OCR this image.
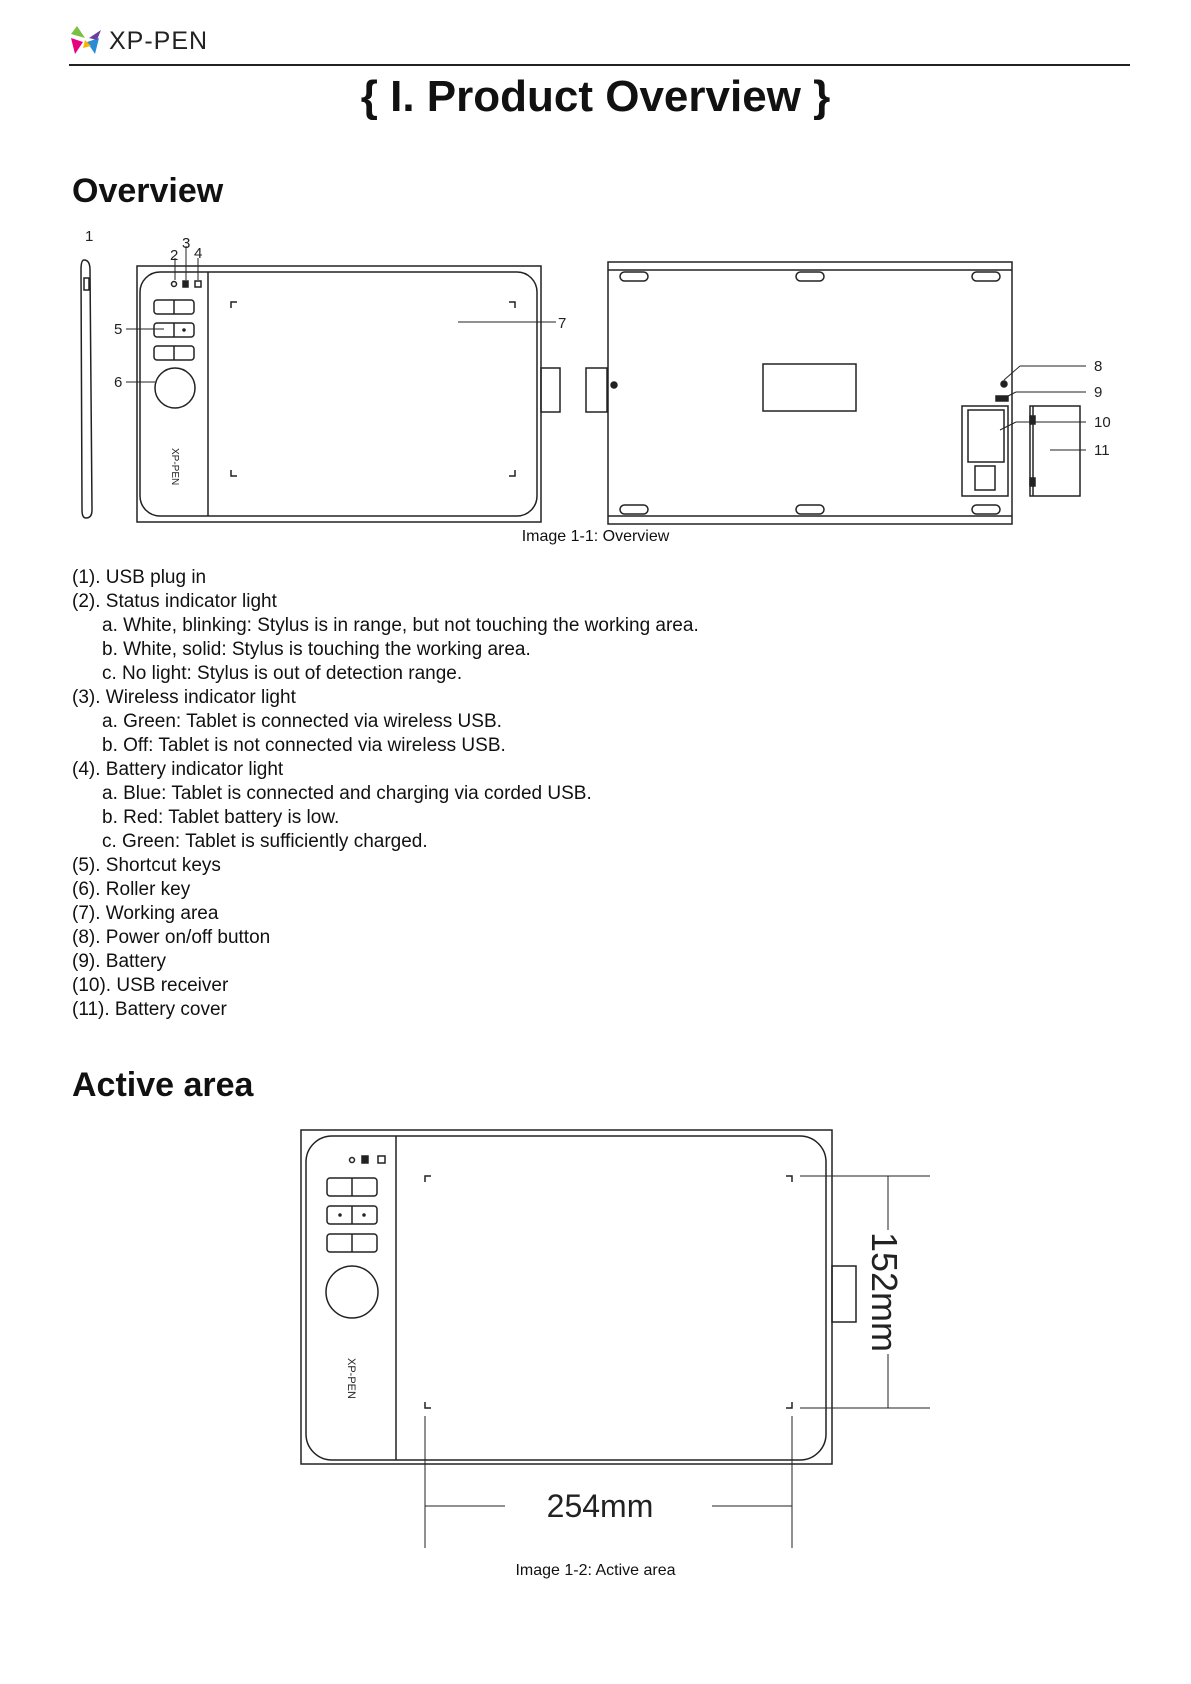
XP-PEN
{ I. Product Overview }
Overview
XP-PEN
1
2
3
4
5
6
7
8
9
10
11
Image 1-1: Overview
(1). USB plug in
(2). Status indicator light
a. White, blinking: Stylus is in range, but not touching the working area.
b. White, solid: Stylus is touching the working area.
c. No light: Stylus is out of detection range.
(3). Wireless indicator light
a. Green: Tablet is connected via wireless USB.
b. Off: Tablet is not connected via wireless USB.
(4). Battery indicator light
a. Blue: Tablet is connected and charging via corded USB.
b. Red: Tablet battery is low.
c. Green: Tablet is sufficiently charged.
(5). Shortcut keys
(6). Roller key
(7). Working area
(8). Power on/off button
(9). Battery
(10). USB receiver
(11). Battery cover
Active area
XP-PEN
152mm
254mm
Image 1-2: Active area
